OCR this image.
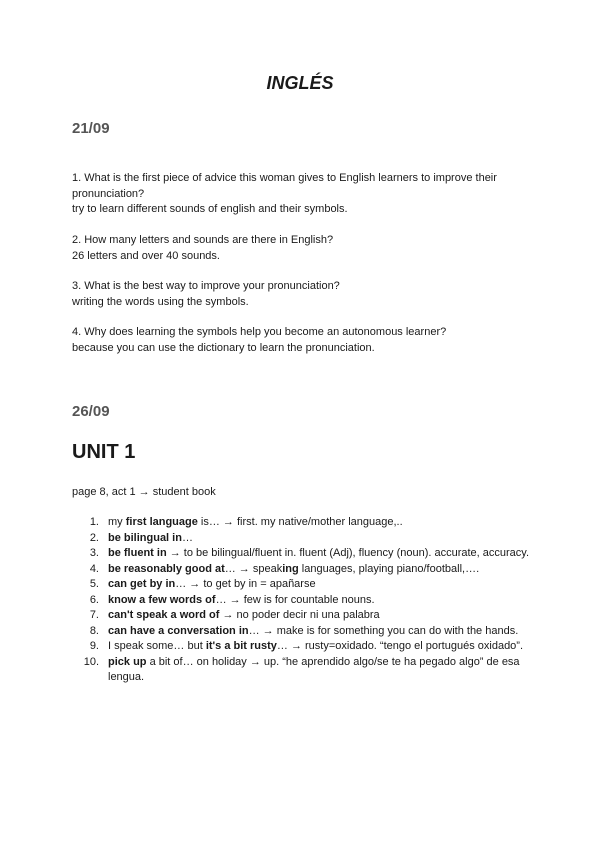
INGLÉS
21/09

1. What is the first piece of advice this woman gives to English learners to improve their pronunciation?

try to learn different sounds of english and their symbols.

2. How many letters and sounds are there in English?

26 letters and over 40 sounds.

3. What is the best way to improve your pronunciation?

writing the words using the symbols.

4. Why does learning the symbols help you become an autonomous learner?

because you can use the dictionary to learn the pronunciation.

26/09
UNIT 1

page 8, act 1 → student book

1. my first language is… → first. my native/mother language,..
2. be bilingual in…
3. be fluent in → to be bilingual/fluent in. fluent (Adj), fluency (noun). accurate, accuracy.
4. be reasonably good at… → speaking languages, playing piano/football,….
5. can get by in… → to get by in = apañarse
6. know a few words of… → few is for countable nouns.
7. can't speak a word of → no poder decir ni una palabra
8. can have a conversation in… → make is for something you can do with the hands.
9. I speak some… but it's a bit rusty… → rusty=oxidado. “tengo el portugués oxidado”.
10. pick up a bit of… on holiday → up. “he aprendido algo/se te ha pegado algo” de esa lengua.
